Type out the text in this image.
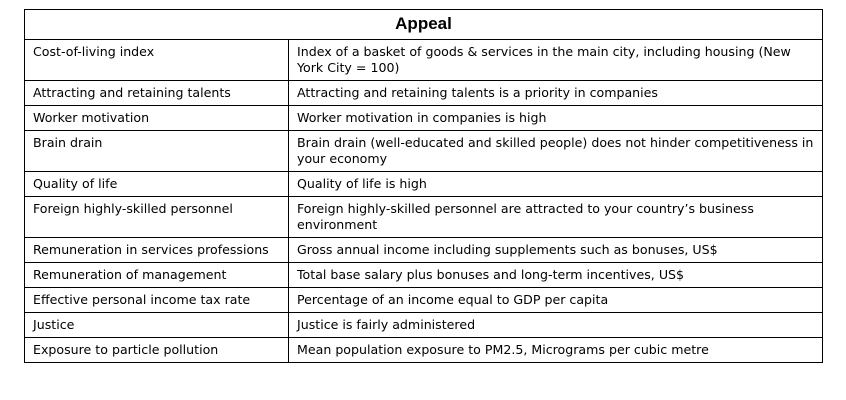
Appeal	
Cost-of-living index	Index of a basket of goods & services in the main city, including housing (New York City = 100)
Attracting and retaining talents	Attracting and retaining talents is a priority in companies
Worker motivation	Worker motivation in companies is high
Brain drain	Brain drain (well-educated and skilled people) does not hinder competitiveness in your economy
Quality of life	Quality of life is high
Foreign highly-skilled personnel	Foreign highly-skilled personnel are attracted to your country’s business environment
Remuneration in services professions	Gross annual income including supplements such as bonuses, US$
Remuneration of management	Total base salary plus bonuses and long-term incentives, US$
Effective personal income tax rate	Percentage of an income equal to GDP per capita
Justice	Justice is fairly administered
Exposure to particle pollution	Mean population exposure to PM2.5, Micrograms per cubic metre
